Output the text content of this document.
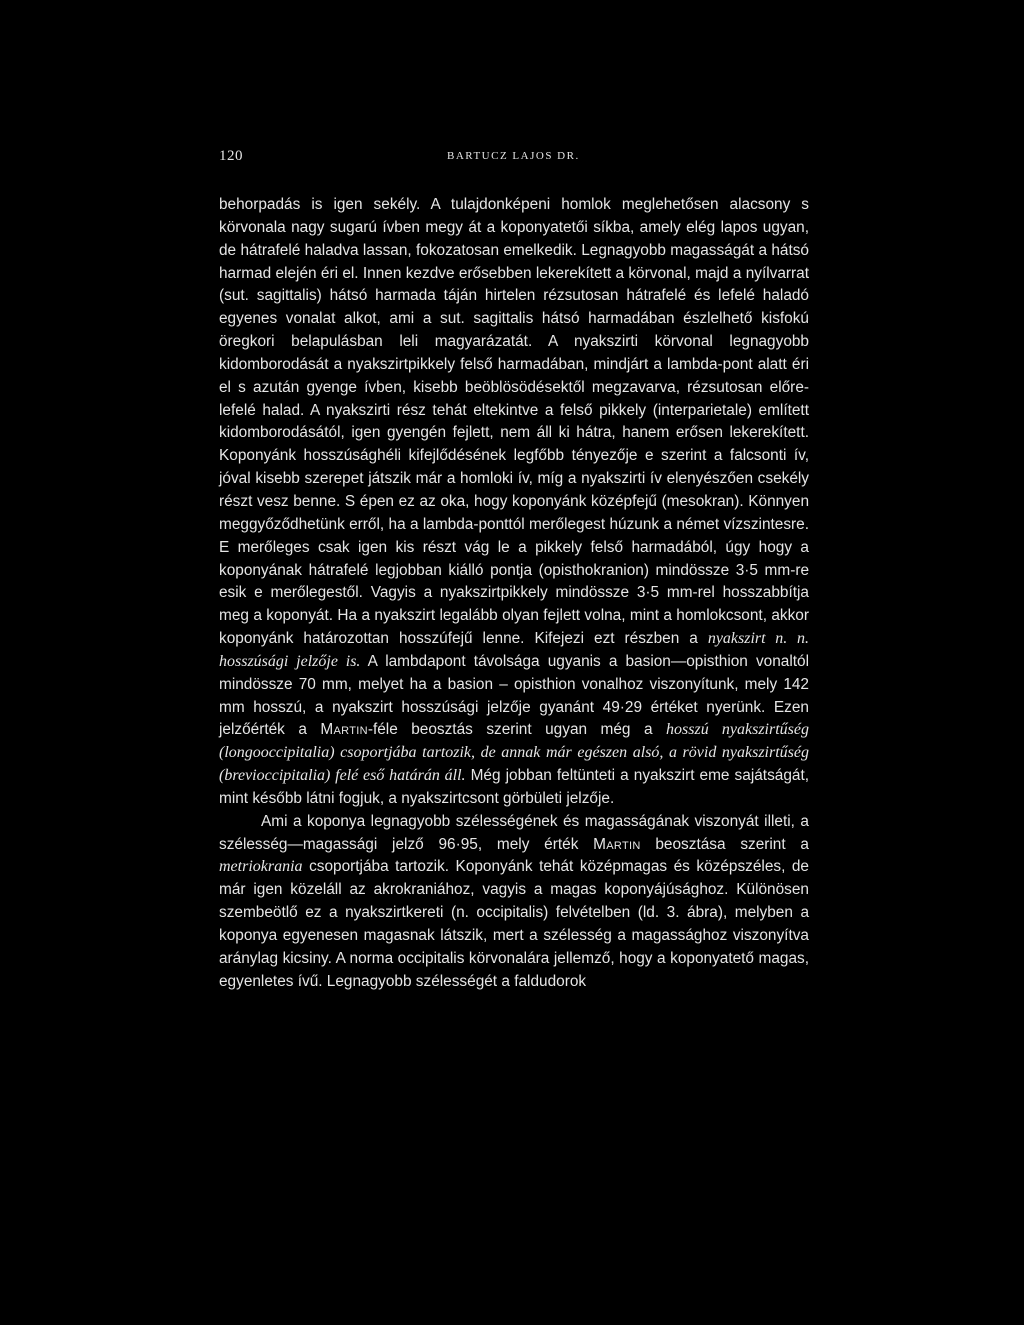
120	BARTUCZ LAJOS DR.

behorpadás is igen sekély. A tulajdonképeni homlok meglehetősen alacsony s körvonala nagy sugarú ívben megy át a koponyatetői síkba, amely elég lapos ugyan, de hátrafelé haladva lassan, fokozatosan emelkedik. Legnagyobb magasságát a hátsó harmad elején éri el. Innen kezdve erősebben lekerekített a körvonal, majd a nyílvarrat (sut. sagittalis) hátsó harmada táján hirtelen rézsutosan hátrafelé és lefelé haladó egyenes vonalat alkot, ami a sut. sagittalis hátsó harmadában észlelhető kisfokú öregkori belapulásban leli magyarázatát. A nyakszirti körvonal legnagyobb kidomborodását a nyakszirtpikkely felső harmadában, mindjárt a lambda-pont alatt éri el s azután gyenge ívben, kisebb beöblösödésektől megzavarva, rézsutosan előre-lefelé halad. A nyakszirti rész tehát eltekintve a felső pikkely (interparietale) említett kidomborodásától, igen gyengén fejlett, nem áll ki hátra, hanem erősen lekerekített. Koponyánk hosszúsághéli kifejlődésének legfőbb tényezője e szerint a falcsonti ív, jóval kisebb szerepet játszik már a homloki ív, míg a nyakszirti ív elenyészően csekély részt vesz benne. S épen ez az oka, hogy koponyánk középfejű (mesokran). Könnyen meggyőződhetünk erről, ha a lambda-ponttól merőlegest húzunk a német vízszintesre. E merőleges csak igen kis részt vág le a pikkely felső harmadából, úgy hogy a koponyának hátrafelé legjobban kiálló pontja (opisthokranion) mindössze 3·5 mm-re esik e merőlegestől. Vagyis a nyakszirtpikkely mindössze 3·5 mm-rel hosszabbítja meg a koponyát. Ha a nyakszirt legalább olyan fejlett volna, mint a homlokcsont, akkor koponyánk határozottan hosszúfejű lenne. Kifejezi ezt részben a nyakszirt n. n. hosszúsági jelzője is. A lambdapont távolsága ugyanis a basion—opisthion vonaltól mindössze 70 mm, melyet ha a basion – opisthion vonalhoz viszonyítunk, mely 142 mm hosszú, a nyakszirt hosszúsági jelzője gyanánt 49·29 értéket nyerünk. Ezen jelzőérték a Martin-féle beosztás szerint ugyan még a hosszú nyakszirtűség (longooccipitalia) csoportjába tartozik, de annak már egészen alsó, a rövid nyakszirtűség (brevioccipitalia) felé eső határán áll. Még jobban feltünteti a nyakszirt eme sajátságát, mint később látni fogjuk, a nyakszirtcsont görbületi jelzője.

Ami a koponya legnagyobb szélességének és magasságának viszonyát illeti, a szélesség—magassági jelző 96·95, mely érték Martin beosztása szerint a metriokrania csoportjába tartozik. Koponyánk tehát középmagas és középszéles, de már igen közeláll az akrokraniához, vagyis a magas koponyájúsághoz. Különösen szembeötlő ez a nyakszirtkereti (n. occipitalis) felvételben (ld. 3. ábra), melyben a koponya egyenesen magasnak látszik, mert a szélesség a magassághoz viszonyítva aránylag kicsiny. A norma occipitalis körvonalára jellemző, hogy a koponyatető magas, egyenletes ívű. Legnagyobb szélességét a faldudorok
